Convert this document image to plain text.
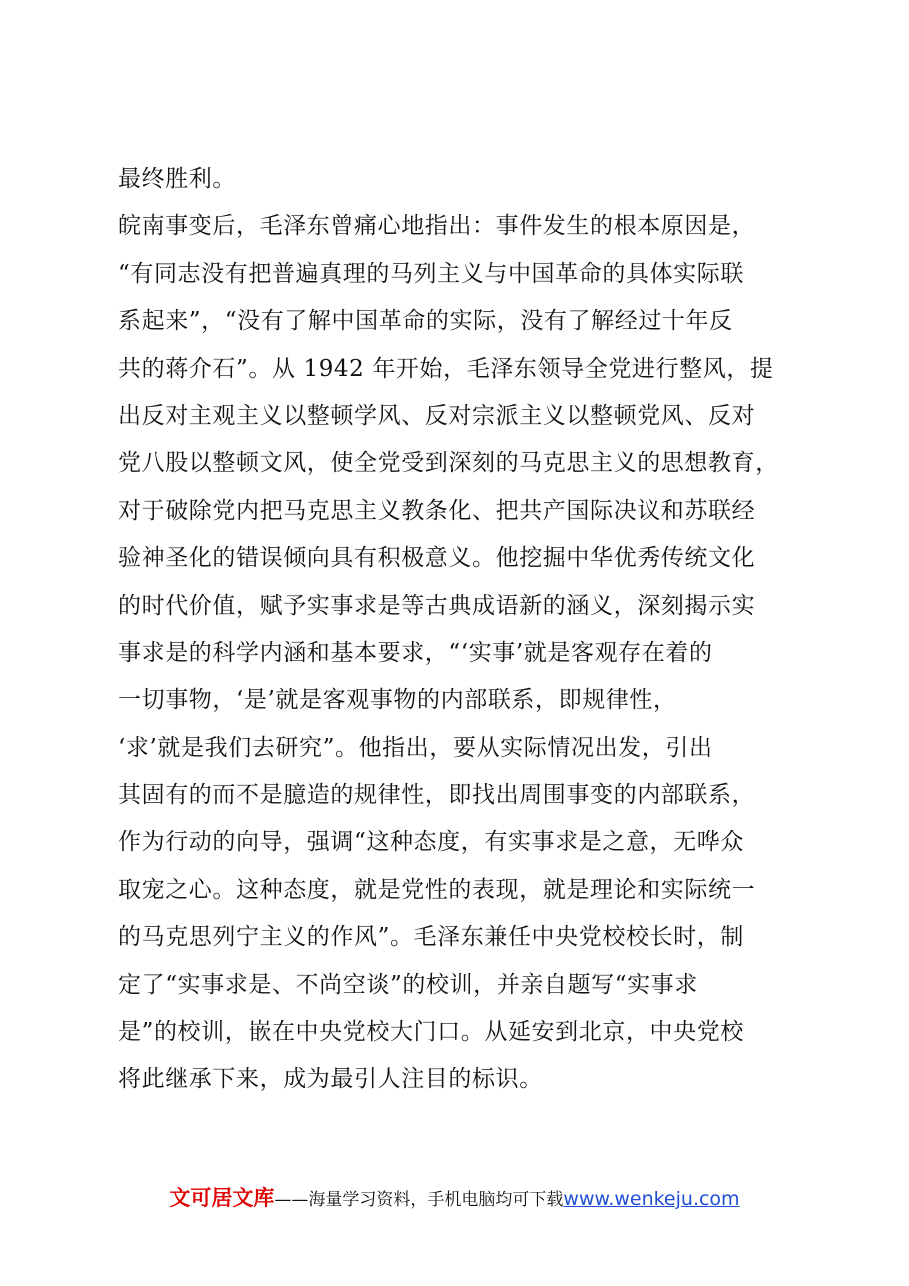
最终胜利。
皖南事变后，毛泽东曾痛心地指出：事件发生的根本原因是，
“有同志没有把普遍真理的马列主义与中国革命的具体实际联
系起来”，“没有了解中国革命的实际，没有了解经过十年反
共的蒋介石”。从 1942 年开始，毛泽东领导全党进行整风，提
出反对主观主义以整顿学风、反对宗派主义以整顿党风、反对
党八股以整顿文风，使全党受到深刻的马克思主义的思想教育，
对于破除党内把马克思主义教条化、把共产国际决议和苏联经
验神圣化的错误倾向具有积极意义。他挖掘中华优秀传统文化
的时代价值，赋予实事求是等古典成语新的涵义，深刻揭示实
事求是的科学内涵和基本要求，“‘实事’就是客观存在着的
一切事物，‘是’就是客观事物的内部联系，即规律性，
‘求’就是我们去研究”。他指出，要从实际情况出发，引出
其固有的而不是臆造的规律性，即找出周围事变的内部联系，
作为行动的向导，强调“这种态度，有实事求是之意，无哗众
取宠之心。这种态度，就是党性的表现，就是理论和实际统一
的马克思列宁主义的作风”。毛泽东兼任中央党校校长时，制
定了“实事求是、不尚空谈”的校训，并亲自题写“实事求
是”的校训，嵌在中央党校大门口。从延安到北京，中央党校
将此继承下来，成为最引人注目的标识。
文可居文库——海量学习资料，手机电脑均可下载www.wenkeju.com
